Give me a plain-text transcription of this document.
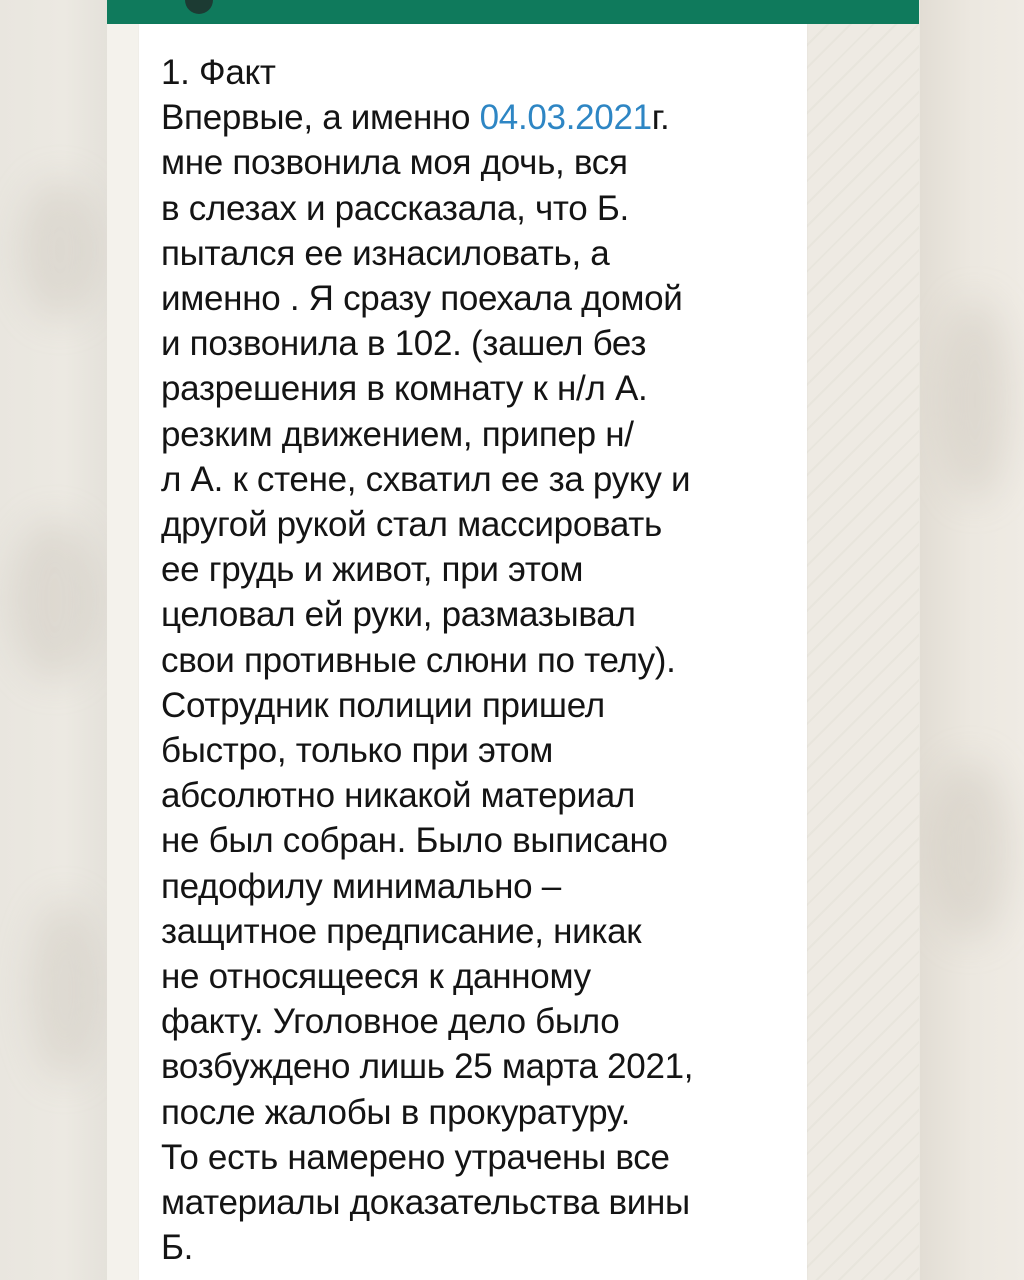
1. Факт
Впервые, а именно 04.03.2021г.
мне позвонила моя дочь, вся
в слезах и рассказала, что Б.
пытался ее изнасиловать, а
именно . Я сразу поехала домой
и позвонила в 102. (зашел без
разрешения в комнату к н/л А.
резким движением, припер н/
л А. к стене, схватил ее за руку и
другой рукой стал массировать
ее грудь и живот, при этом
целовал ей руки, размазывал
свои противные слюни по телу).
Сотрудник полиции пришел
быстро, только при этом
абсолютно никакой материал
не был собран. Было выписано
педофилу минимально –
защитное предписание, никак
не относящееся к данному
факту. Уголовное дело было
возбуждено лишь 25 марта 2021,
после жалобы в прокуратуру.
То есть намерено утрачены все
материалы доказательства вины
Б.
